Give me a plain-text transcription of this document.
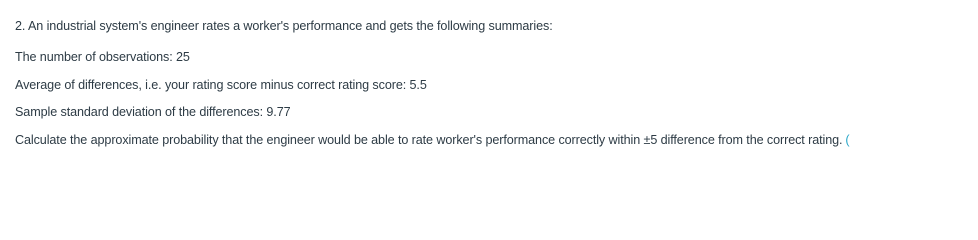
2. An industrial system's engineer rates a worker's performance and gets the following summaries:
The number of observations: 25
Average of differences, i.e. your rating score minus correct rating score: 5.5
Sample standard deviation of the differences: 9.77
Calculate the approximate probability that the engineer would be able to rate worker's performance correctly within ±5 difference from the correct rating. (
